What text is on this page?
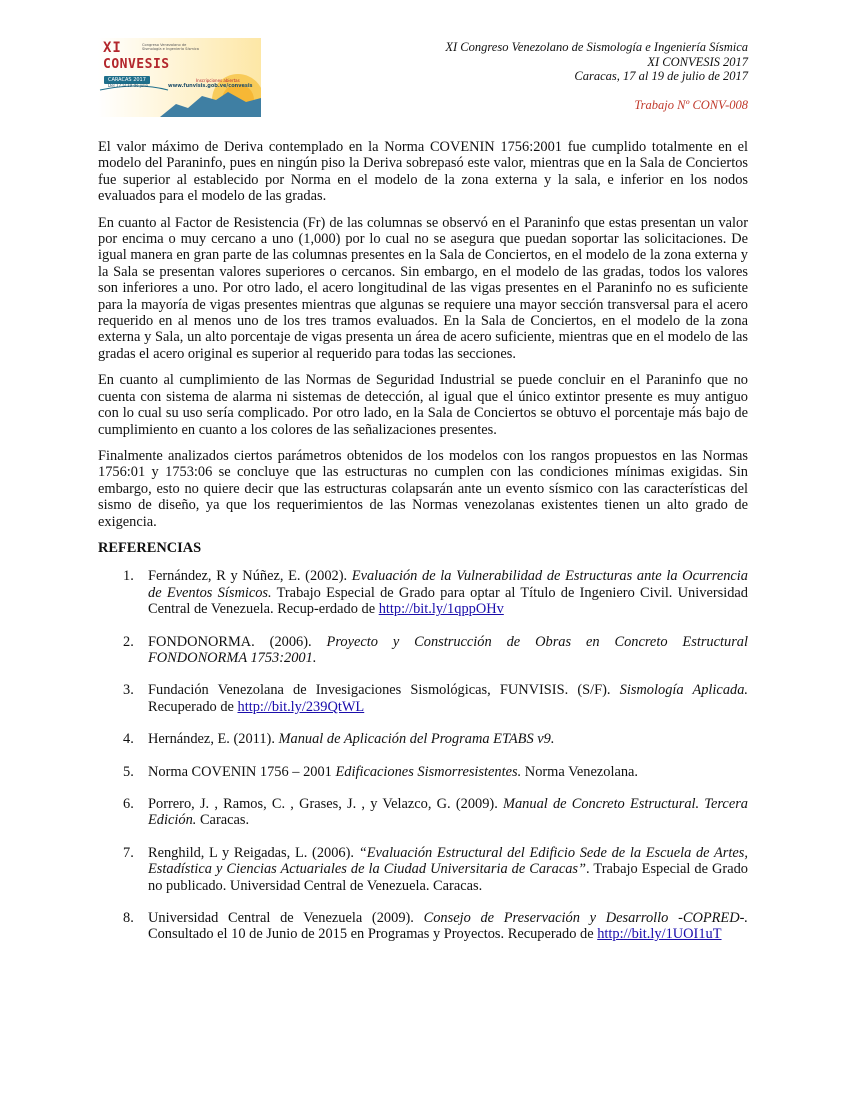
XI
CONVESIS
Congreso Venezolano de Sismología e Ingeniería Sísmica
CARACAS 2017
Del 17 al 19 de julio
Inscripciones abiertas
www.funvisis.gob.ve/convesis
XI Congreso Venezolano de Sismología e Ingeniería Sísmica
XI CONVESIS 2017
Caracas, 17 al 19 de julio de 2017
Trabajo Nº CONV-008

El valor máximo de Deriva contemplado en la Norma COVENIN 1756:2001 fue cumplido totalmente en el modelo del Paraninfo, pues en ningún piso la Deriva sobrepasó este valor, mientras que en la Sala de Conciertos fue superior al establecido por Norma en el modelo de la zona externa y la sala, e inferior en los nodos evaluados para el modelo de las gradas.

En cuanto al Factor de Resistencia (Fr) de las columnas se observó en el Paraninfo que estas presentan un valor por encima o muy cercano a uno (1,000) por lo cual no se asegura que puedan soportar las solicitaciones. De igual manera en gran parte de las columnas presentes en la Sala de Conciertos, en el modelo de la zona externa y la Sala se presentan valores superiores o cercanos. Sin embargo, en el modelo de las gradas, todos los valores son inferiores a uno. Por otro lado, el acero longitudinal de las vigas presentes en el Paraninfo no es suficiente para la mayoría de vigas presentes mientras que algunas se requiere una mayor sección transversal para el acero requerido en al menos uno de los tres tramos evaluados. En la Sala de Conciertos, en el modelo de la zona externa y Sala, un alto porcentaje de vigas presenta un área de acero suficiente, mientras que en el modelo de las gradas el acero original es superior al requerido para todas las secciones.

En cuanto al cumplimiento de las Normas de Seguridad Industrial se puede concluir en el Paraninfo que no cuenta con sistema de alarma ni sistemas de detección, al igual que el único extintor presente es muy antiguo con lo cual su uso sería complicado. Por otro lado, en la Sala de Conciertos se obtuvo el porcentaje más bajo de cumplimiento en cuanto a los colores de las señalizaciones presentes.

Finalmente analizados ciertos parámetros obtenidos de los modelos con los rangos propuestos en las Normas 1756:01 y 1753:06 se concluye que las estructuras no cumplen con las condiciones mínimas exigidas. Sin embargo, esto no quiere decir que las estructuras colapsarán ante un evento sísmico con las características del sismo de diseño, ya que los requerimientos de las Normas venezolanas existentes tienen un alto grado de exigencia.

REFERENCIAS
1. Fernández, R y Núñez, E. (2002). Evaluación de la Vulnerabilidad de Estructuras ante la Ocurrencia de Eventos Sísmicos. Trabajo Especial de Grado para optar al Título de Ingeniero Civil. Universidad Central de Venezuela. Recup-erdado de http://bit.ly/1qppOHv
2. FONDONORMA. (2006). Proyecto y Construcción de Obras en Concreto Estructural FONDONORMA 1753:2001.
3. Fundación Venezolana de Invesigaciones Sismológicas, FUNVISIS. (S/F). Sismología Aplicada. Recuperado de http://bit.ly/239QtWL
4. Hernández, E. (2011). Manual de Aplicación del Programa ETABS v9.
5. Norma COVENIN 1756 – 2001 Edificaciones Sismorresistentes. Norma Venezolana.
6. Porrero, J. , Ramos, C. , Grases, J. , y Velazco, G. (2009). Manual de Concreto Estructural. Tercera Edición. Caracas.
7. Renghild, L y Reigadas, L. (2006). “Evaluación Estructural del Edificio Sede de la Escuela de Artes, Estadística y Ciencias Actuariales de la Ciudad Universitaria de Caracas”. Trabajo Especial de Grado no publicado. Universidad Central de Venezuela. Caracas.
8. Universidad Central de Venezuela (2009). Consejo de Preservación y Desarrollo -COPRED-. Consultado el 10 de Junio de 2015 en Programas y Proyectos. Recuperado de http://bit.ly/1UOI1uT
